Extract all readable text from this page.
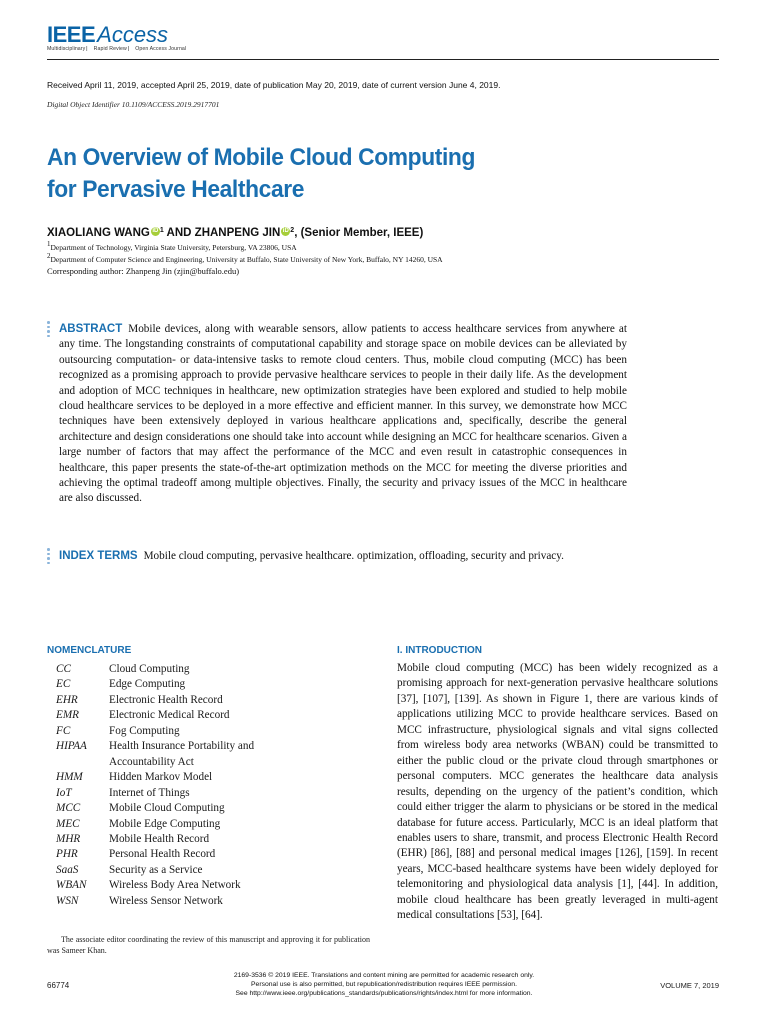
IEEEAccess
Multidisciplinary ⎸ Rapid Review ⎸ Open Access Journal
Received April 11, 2019, accepted April 25, 2019, date of publication May 20, 2019, date of current version June 4, 2019.
Digital Object Identifier 10.1109/ACCESS.2019.2917701
An Overview of Mobile Cloud Computing
for Pervasive Healthcare
XIAOLIANG WANG iD $^1$ AND ZHANPENG JIN iD $^2$, (Senior Member, IEEE)
1Department of Technology, Virginia State University, Petersburg, VA 23806, USA
2Department of Computer Science and Engineering, University at Buffalo, State University of New York, Buffalo, NY 14260, USA
Corresponding author: Zhanpeng Jin (zjin@buffalo.edu)
ABSTRACT Mobile devices, along with wearable sensors, allow patients to access healthcare services from anywhere at any time. The longstanding constraints of computational capability and storage space on mobile devices can be alleviated by outsourcing computation- or data-intensive tasks to remote cloud centers. Thus, mobile cloud computing (MCC) has been recognized as a promising approach to provide pervasive healthcare services to people in their daily life. As the development and adoption of MCC techniques in healthcare, new optimization strategies have been explored and studied to help mobile cloud healthcare services to be deployed in a more effective and efficient manner. In this survey, we demonstrate how MCC techniques have been extensively deployed in various healthcare applications and, specifically, describe the general architecture and design considerations one should take into account while designing an MCC for healthcare scenarios. Given a large number of factors that may affect the performance of the MCC and even result in catastrophic consequences in healthcare, this paper presents the state-of-the-art optimization methods on the MCC for meeting the diverse priorities and achieving the optimal tradeoff among multiple objectives. Finally, the security and privacy issues of the MCC in healthcare are also discussed.
INDEX TERMS Mobile cloud computing, pervasive healthcare. optimization, offloading, security and privacy.
NOMENCLATURE
CC	Cloud Computing
EC	Edge Computing
EHR	Electronic Health Record
EMR	Electronic Medical Record
FC	Fog Computing
HIPAA	Health Insurance Portability and
Accountability Act
HMM	Hidden Markov Model
IoT	Internet of Things
MCC	Mobile Cloud Computing
MEC	Mobile Edge Computing
MHR	Mobile Health Record
PHR	Personal Health Record
SaaS	Security as a Service
WBAN	Wireless Body Area Network
WSN	Wireless Sensor Network
The associate editor coordinating the review of this manuscript and approving it for publication was Sameer Khan.
I. INTRODUCTION
Mobile cloud computing (MCC) has been widely recognized as a promising approach for next-generation pervasive healthcare solutions [37], [107], [139]. As shown in Figure 1, there are various kinds of applications utilizing MCC to provide healthcare services. Based on MCC infrastructure, physiological signals and vital signs collected from wireless body area networks (WBAN) could be transmitted to either the public cloud or the private cloud through smartphones or personal computers. MCC generates the healthcare data analysis results, depending on the urgency of the patient’s condition, which could either trigger the alarm to physicians or be stored in the medical database for future access. Particularly, MCC is an ideal platform that enables users to share, transmit, and process Electronic Health Record (EHR) [86], [88] and personal medical images [126], [159]. In recent years, MCC-based healthcare systems have been widely deployed for telemonitoring and physiological data analysis [1], [44]. In addition, mobile cloud healthcare has been greatly leveraged in multi-agent medical consultations [53], [64].
66774
2169-3536 © 2019 IEEE. Translations and content mining are permitted for academic research only.
Personal use is also permitted, but republication/redistribution requires IEEE permission.
See http://www.ieee.org/publications_standards/publications/rights/index.html for more information.
VOLUME 7, 2019
